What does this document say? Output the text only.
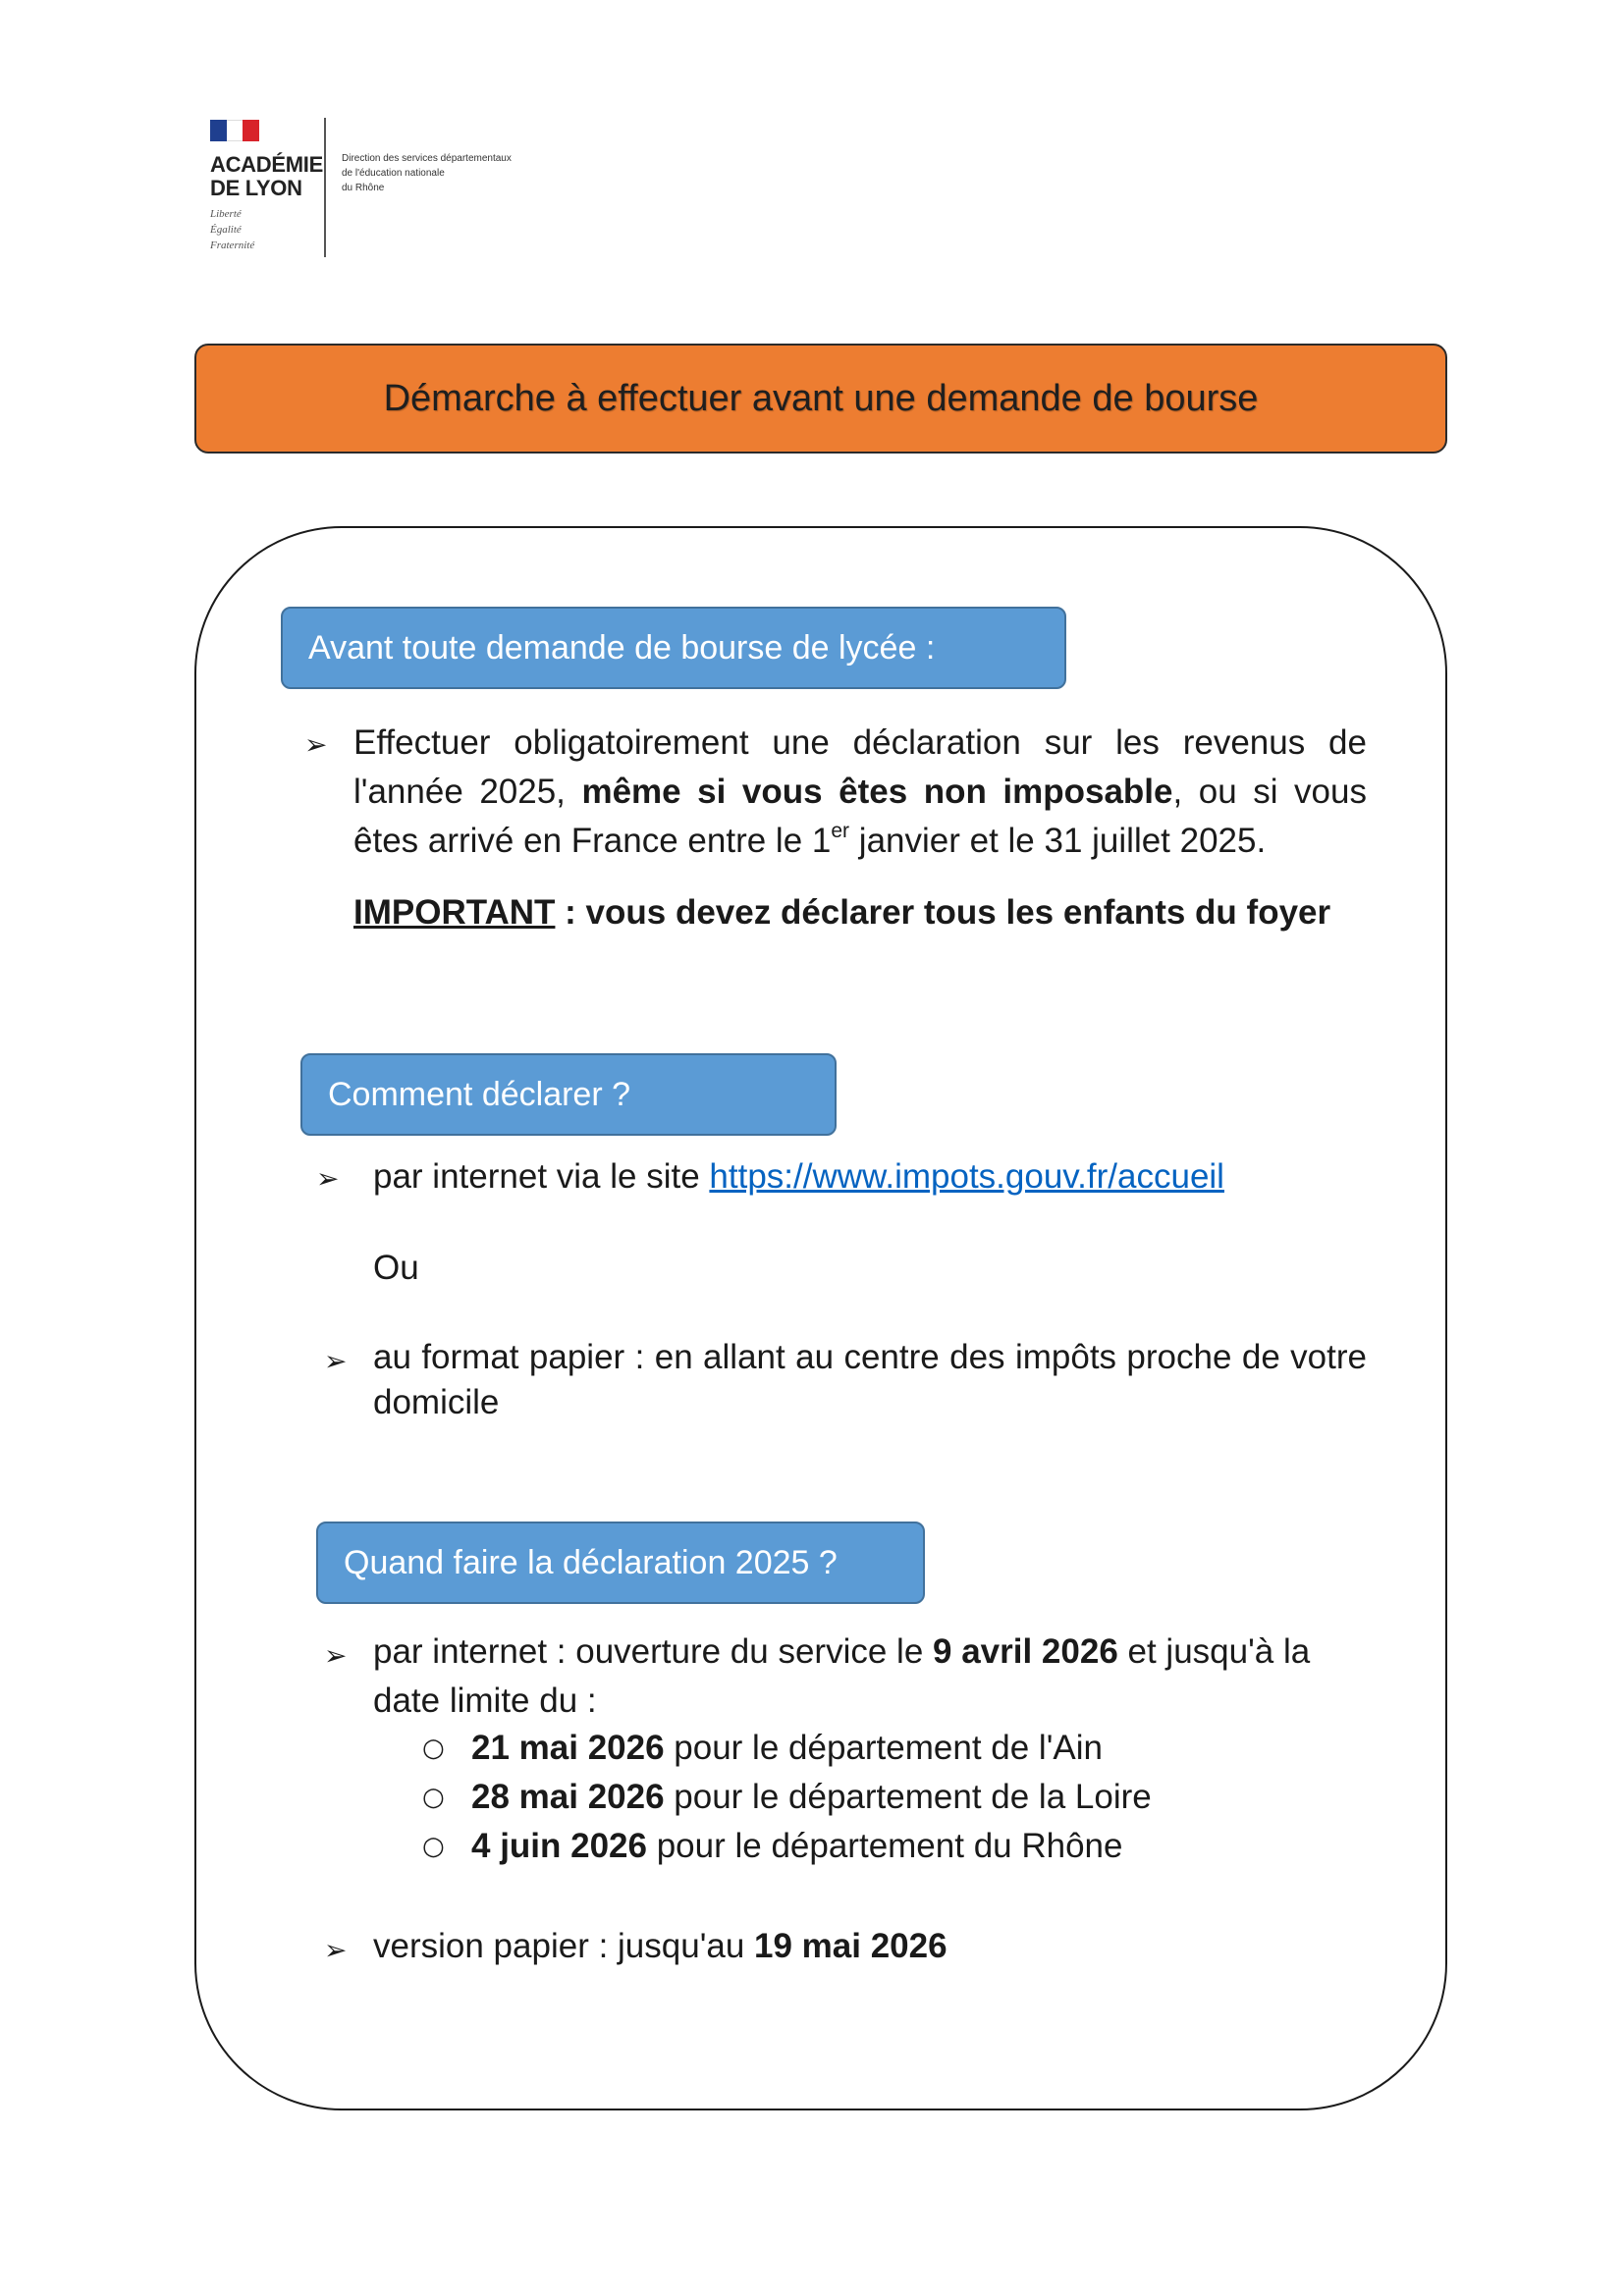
ACADÉMIE
DE LYON
Liberté
Égalité
Fraternité
Direction des services départementaux
de l'éducation nationale
du Rhône
Démarche à effectuer avant une demande de bourse
Avant toute demande de bourse de lycée :
➢ Effectuer obligatoirement une déclaration sur les revenus de l'année 2025, même si vous êtes non imposable, ou si vous êtes arrivé en France entre le 1er janvier et le 31 juillet 2025.
IMPORTANT : vous devez déclarer tous les enfants du foyer
Comment déclarer ?
➢ par internet via le site https://www.impots.gouv.fr/accueil
Ou
➢ au format papier : en allant au centre des impôts proche de votre domicile
Quand faire la déclaration 2025 ?
➢ par internet : ouverture du service le 9 avril 2026 et jusqu'à la date limite du :
○ 21 mai 2026 pour le département de l'Ain
○ 28 mai 2026 pour le département de la Loire
○ 4 juin 2026 pour le département du Rhône
➢ version papier : jusqu'au 19 mai 2026
